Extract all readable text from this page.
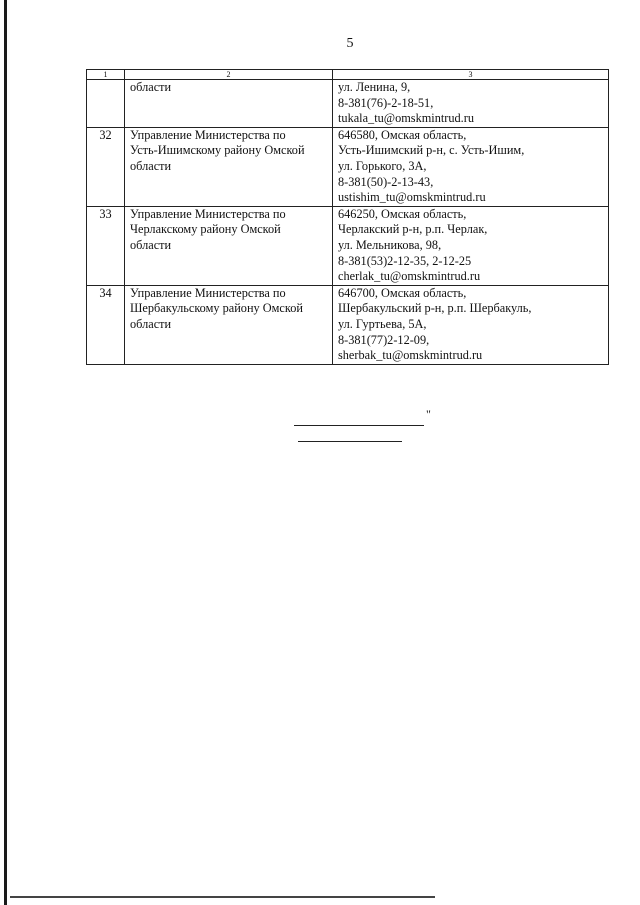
5
1	2	3

	области	ул. Ленина, 9,
8-381(76)-2-18-51,
tukala_tu@omskmintrud.ru

32	Управление Министерства по
Усть-Ишимскому району Омской
области	646580, Омская область,
Усть-Ишимский р-н, с. Усть-Ишим,
ул. Горького, 3А,
8-381(50)-2-13-43,
ustishim_tu@omskmintrud.ru

33	Управление Министерства по
Черлакскому району Омской
области	646250, Омская область,
Черлакский р-н, р.п. Черлак,
ул. Мельникова, 98,
8-381(53)2-12-35, 2-12-25
cherlak_tu@omskmintrud.ru

34	Управление Министерства по
Шербакульскому району Омской
области	646700, Омская область,
Шербакульский р-н, р.п. Шербакуль,
ул. Гуртьева, 5А,
8-381(77)2-12-09,
sherbak_tu@omskmintrud.ru
"
